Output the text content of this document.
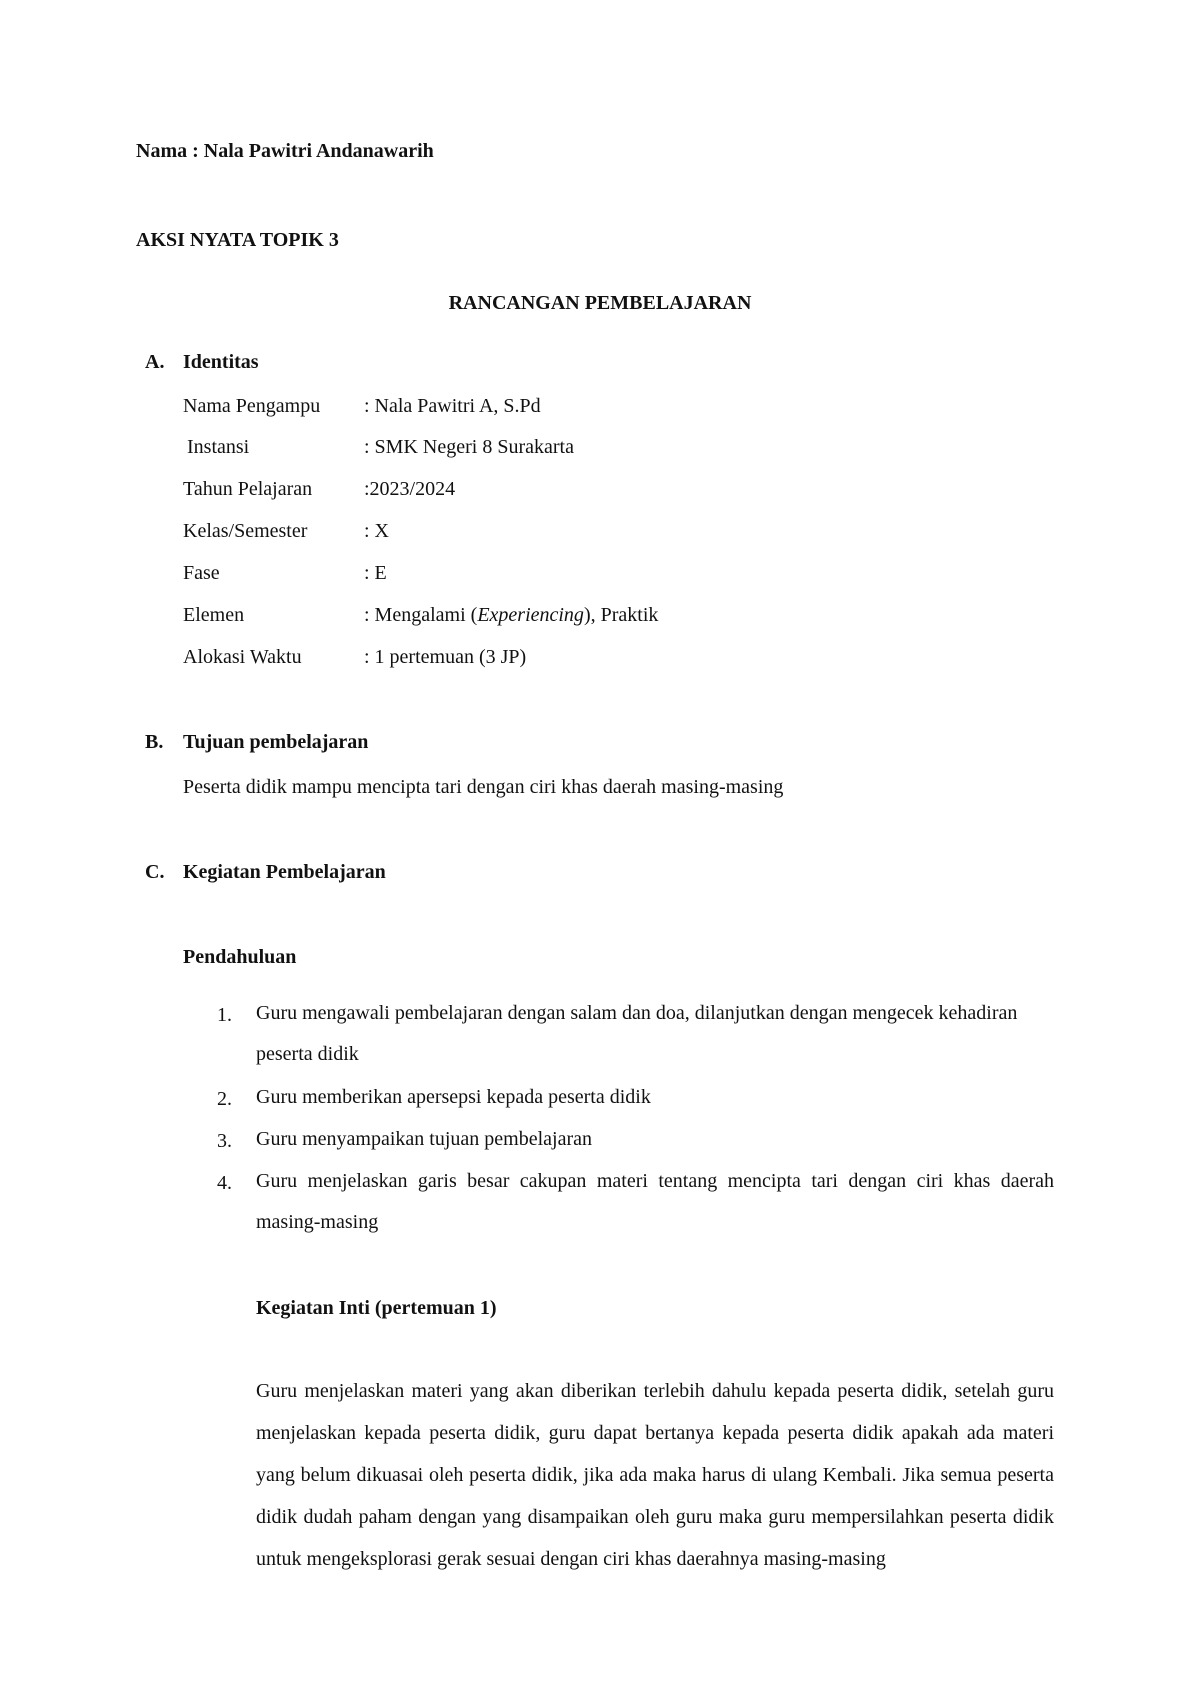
Nama : Nala Pawitri Andanawarih
AKSI NYATA TOPIK 3
RANCANGAN PEMBELAJARAN
A. Identitas
Nama Pengampu : Nala Pawitri A, S.Pd
Instansi	: SMK Negeri 8 Surakarta
Tahun Pelajaran	:2023/2024
Kelas/Semester	: X
Fase	: E
Elemen	: Mengalami (Experiencing), Praktik
Alokasi Waktu	: 1 pertemuan (3 JP)
B. Tujuan pembelajaran
Peserta didik mampu mencipta tari dengan ciri khas daerah masing-masing
C. Kegiatan Pembelajaran
Pendahuluan
1. Guru mengawali pembelajaran dengan salam dan doa, dilanjutkan dengan mengecek kehadiran peserta didik
2. Guru memberikan apersepsi kepada peserta didik
3. Guru menyampaikan tujuan pembelajaran
4. Guru menjelaskan garis besar cakupan materi tentang mencipta tari dengan ciri khas daerah masing-masing
Kegiatan Inti (pertemuan 1)
Guru menjelaskan materi yang akan diberikan terlebih dahulu kepada peserta didik, setelah guru menjelaskan kepada peserta didik, guru dapat bertanya kepada peserta didik apakah ada materi yang belum dikuasai oleh peserta didik, jika ada maka harus di ulang Kembali. Jika semua peserta didik dudah paham dengan yang disampaikan oleh guru maka guru mempersilahkan peserta didik untuk mengeksplorasi gerak sesuai dengan ciri khas daerahnya masing-masing
